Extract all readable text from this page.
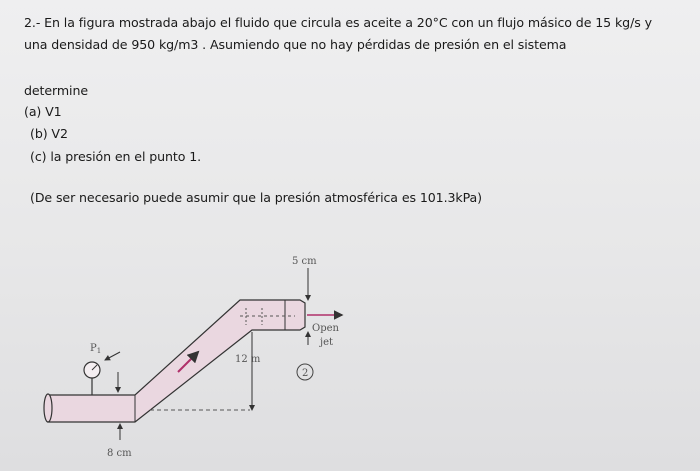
2.- En la figura mostrada abajo el fluido que circula es aceite a 20°C con un flujo másico de 15 kg/s y
una densidad de 950 kg/m3 . Asumiendo que no hay pérdidas de presión en el sistema
determine
(a) V1
(b) V2
(c) la presión en el punto 1.
(De ser necesario puede asumir que la presión atmosférica es 101.3kPa)
12 m
$P_1$
8 cm
5 cm
Open
jet
2
